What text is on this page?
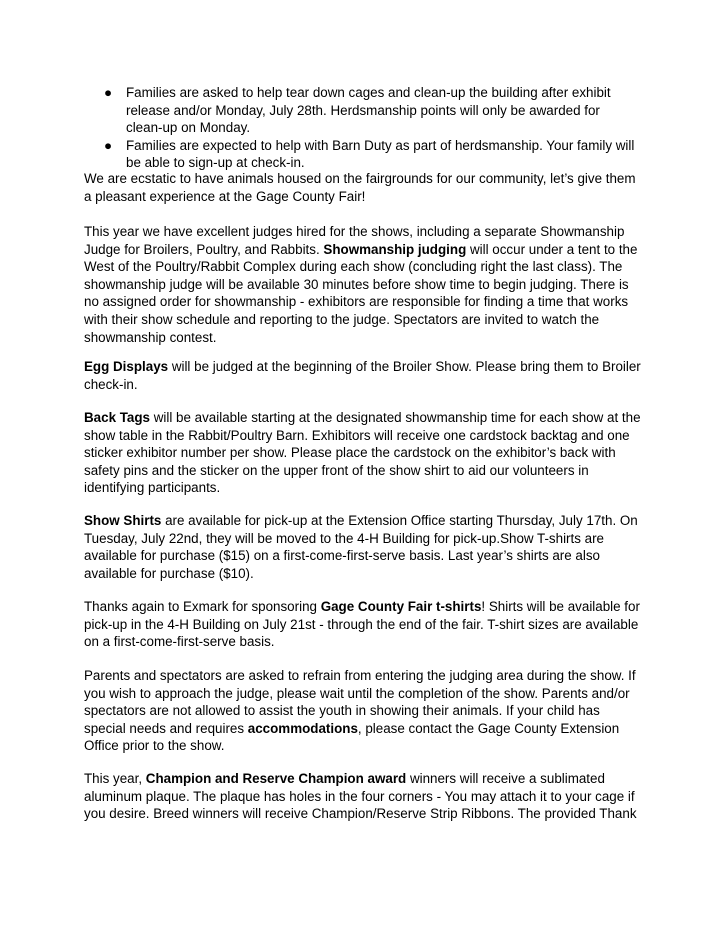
● Families are asked to help tear down cages and clean-up the building after exhibit release and/or Monday, July 28th. Herdsmanship points will only be awarded for clean-up on Monday.
● Families are expected to help with Barn Duty as part of herdsmanship. Your family will be able to sign-up at check-in.

We are ecstatic to have animals housed on the fairgrounds for our community, let’s give them a pleasant experience at the Gage County Fair!

This year we have excellent judges hired for the shows, including a separate Showmanship Judge for Broilers, Poultry, and Rabbits. Showmanship judging will occur under a tent to the West of the Poultry/Rabbit Complex during each show (concluding right the last class). The showmanship judge will be available 30 minutes before show time to begin judging. There is no assigned order for showmanship - exhibitors are responsible for finding a time that works with their show schedule and reporting to the judge. Spectators are invited to watch the showmanship contest.

Egg Displays will be judged at the beginning of the Broiler Show. Please bring them to Broiler check-in.

Back Tags will be available starting at the designated showmanship time for each show at the show table in the Rabbit/Poultry Barn. Exhibitors will receive one cardstock backtag and one sticker exhibitor number per show. Please place the cardstock on the exhibitor’s back with safety pins and the sticker on the upper front of the show shirt to aid our volunteers in identifying participants.

Show Shirts are available for pick-up at the Extension Office starting Thursday, July 17th. On Tuesday, July 22nd, they will be moved to the 4-H Building for pick-up.Show T-shirts are available for purchase ($15) on a first-come-first-serve basis. Last year’s shirts are also available for purchase ($10).

Thanks again to Exmark for sponsoring Gage County Fair t-shirts! Shirts will be available for pick-up in the 4-H Building on July 21st - through the end of the fair. T-shirt sizes are available on a first-come-first-serve basis.

Parents and spectators are asked to refrain from entering the judging area during the show. If you wish to approach the judge, please wait until the completion of the show. Parents and/or spectators are not allowed to assist the youth in showing their animals. If your child has special needs and requires accommodations, please contact the Gage County Extension Office prior to the show.

This year, Champion and Reserve Champion award winners will receive a sublimated aluminum plaque. The plaque has holes in the four corners - You may attach it to your cage if you desire. Breed winners will receive Champion/Reserve Strip Ribbons. The provided Thank
